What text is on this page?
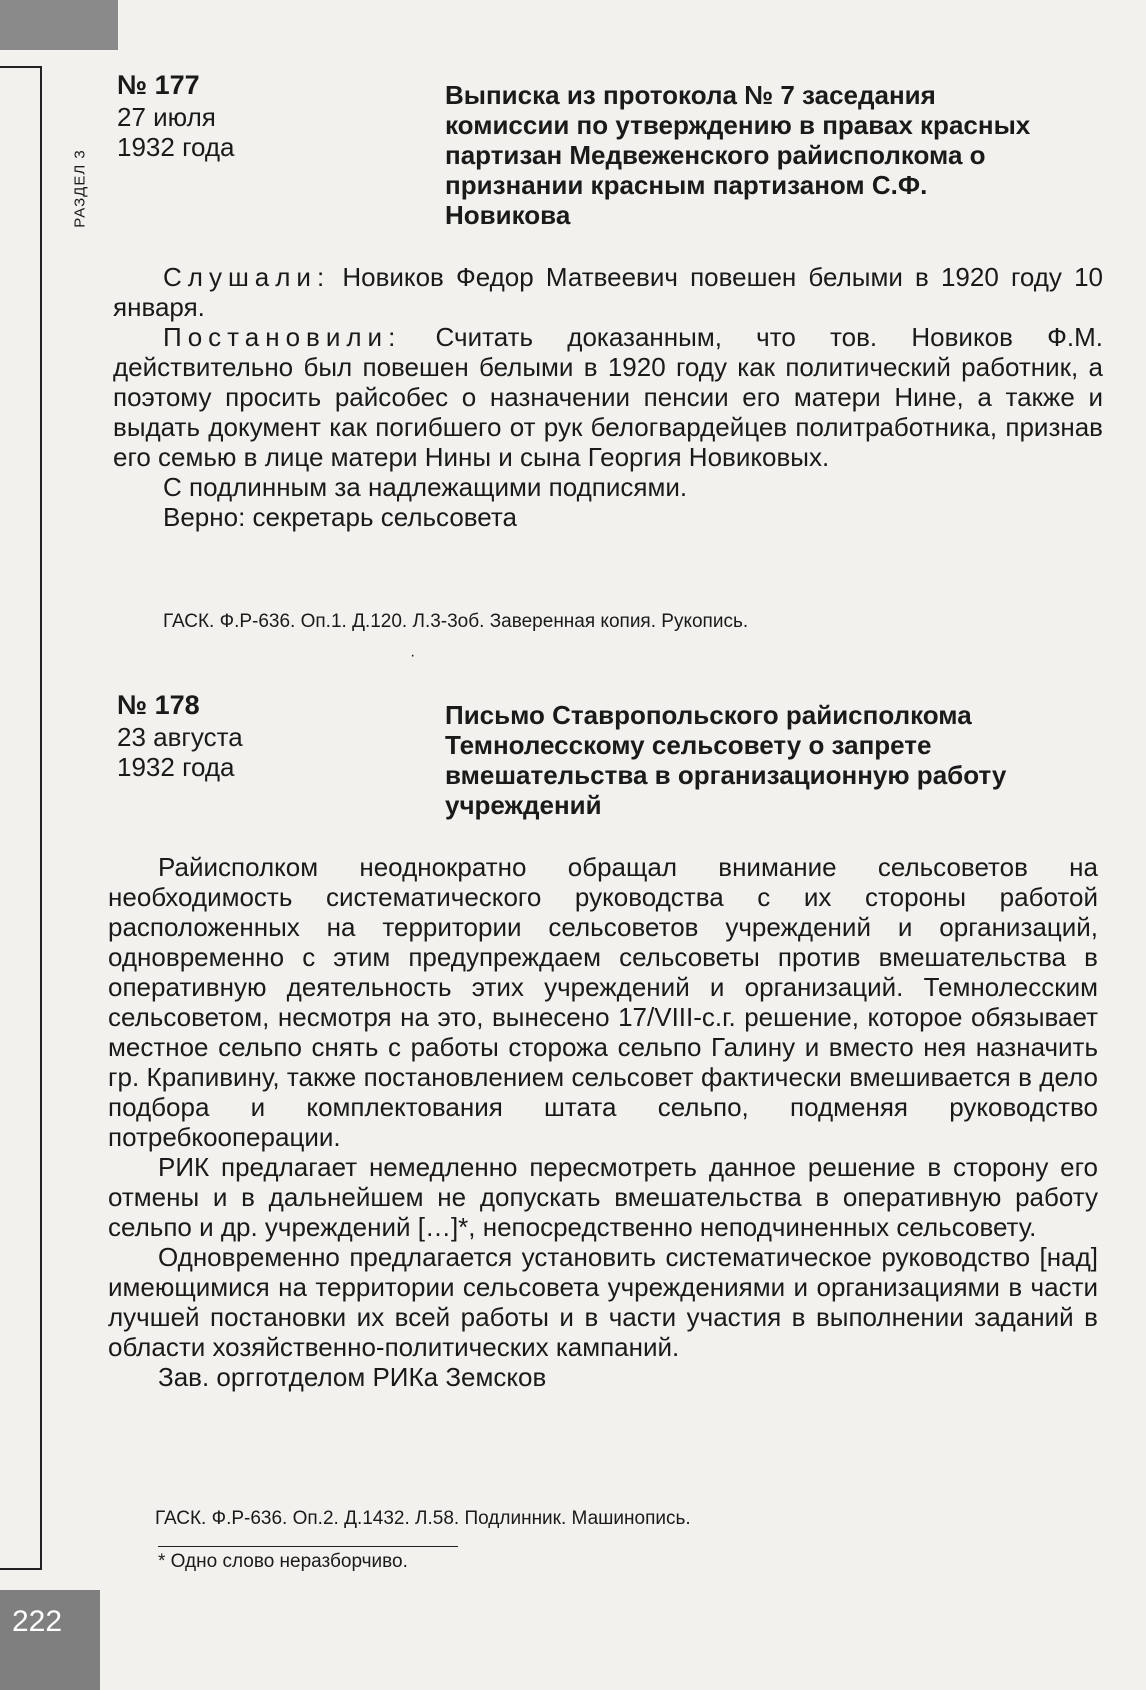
РАЗДЕЛ 3
№ 177
27 июля
1932 года
Выписка из протокола № 7 заседания комиссии по утверждению в правах красных партизан Медвеженского райисполкома о признании красным партизаном С.Ф. Новикова

Слушали: Новиков Федор Матвеевич повешен белыми в 1920 году 10 января.

Постановили: Считать доказанным, что тов. Новиков Ф.М. действительно был повешен белыми в 1920 году как политический работник, а поэтому просить райсобес о назначении пенсии его матери Нине, а также и выдать документ как погибшего от рук белогвардейцев политработника, признав его семью в лице матери Нины и сына Георгия Новиковых.

С подлинным за надлежащими подписями.

Верно: секретарь сельсовета

ГАСК. Ф.Р-636. Оп.1. Д.120. Л.3-3об. Заверенная копия. Рукопись.
·
№ 178
23 августа
1932 года
Письмо Ставропольского райисполкома Темнолесскому сельсовету о запрете вмешательства в организационную работу учреждений

Райисполком неоднократно обращал внимание сельсоветов на необходимость систематического руководства с их стороны работой расположенных на территории сельсоветов учреждений и организаций, одновременно с этим предупреждаем сельсоветы против вмешательства в оперативную деятельность этих учреждений и организаций. Темнолесским сельсоветом, несмотря на это, вынесено 17/VIII-с.г. решение, которое обязывает местное сельпо снять с работы сторожа сельпо Галину и вместо нея назначить гр. Крапивину, также постановлением сельсовет фактически вмешивается в дело подбора и комплектования штата сельпо, подменяя руководство потребкооперации.

РИК предлагает немедленно пересмотреть данное решение в сторону его отмены и в дальнейшем не допускать вмешательства в оперативную работу сельпо и др. учреждений […]*, непосредственно неподчиненных сельсовету.

Одновременно предлагается установить систематическое руководство [над] имеющимися на территории сельсовета учреждениями и организациями в части лучшей постановки их всей работы и в части участия в выполнении заданий в области хозяйственно-политических кампаний.

Зав. оргготделом РИКа Земсков

ГАСК. Ф.Р-636. Оп.2. Д.1432. Л.58. Подлинник. Машинопись.
* Одно слово неразборчиво.
222
